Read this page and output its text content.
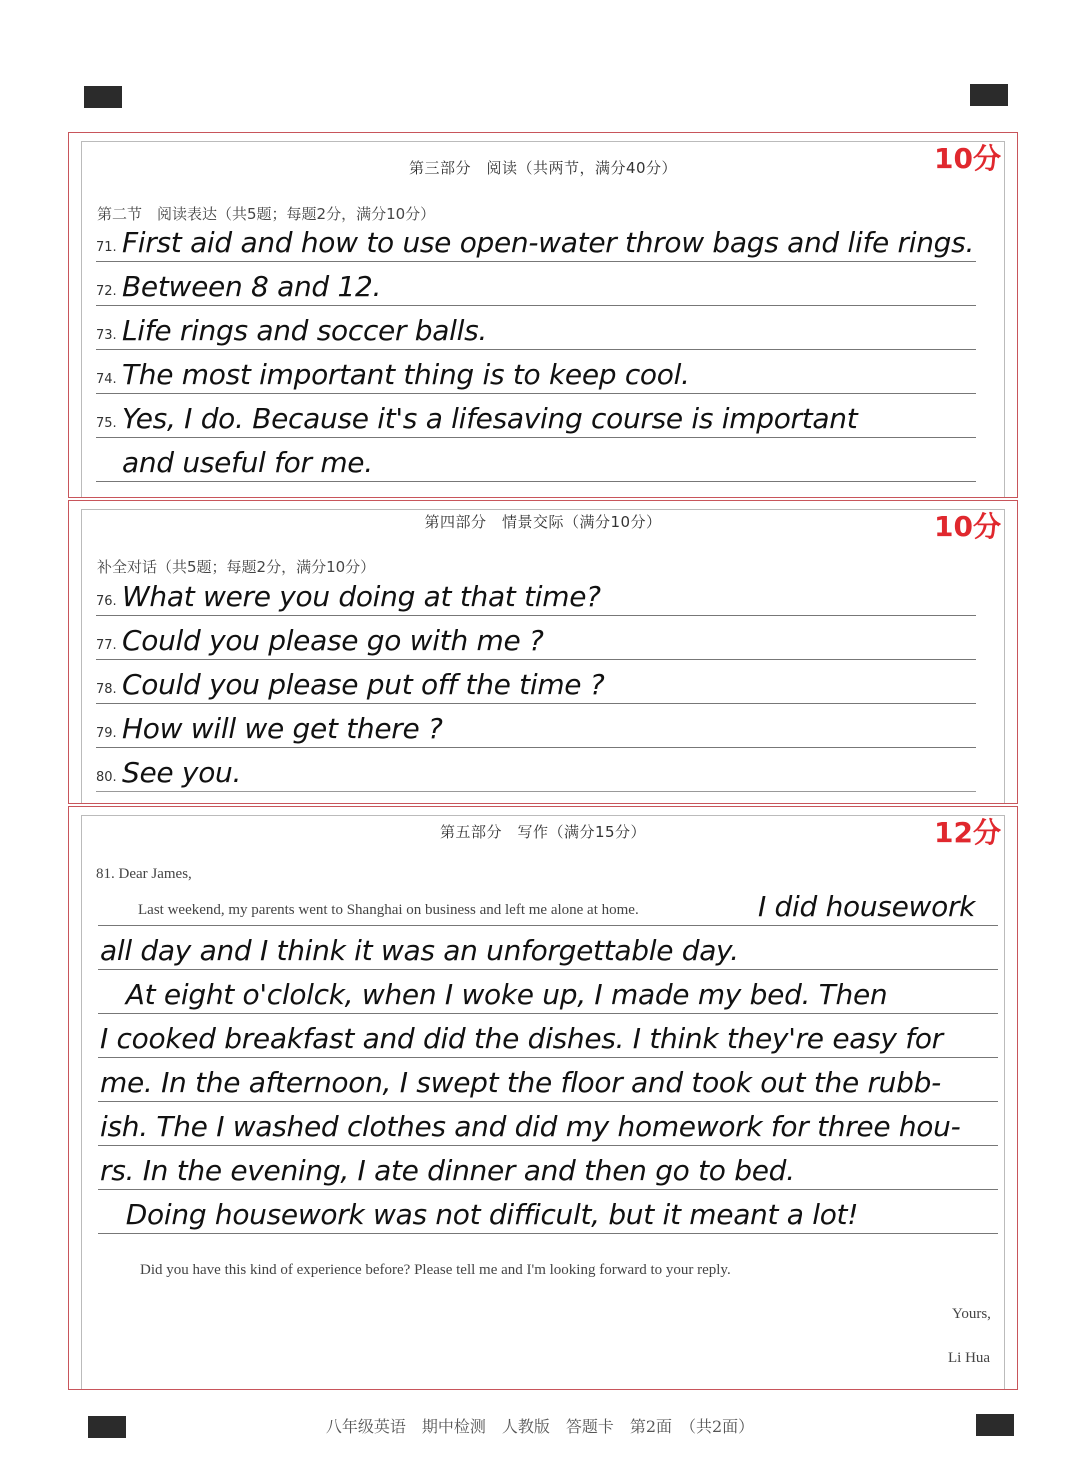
第三部分　阅读（共两节，满分40分）	10分
第二节　阅读表达（共5题；每题2分，满分10分）
71. First aid and how to use open-water throw bags and life rings.
72. Between 8 and 12.
73. Life rings and soccer balls.
74. The most important thing is to keep cool.
75. Yes, I do. Because it's a lifesaving course is important
and useful for me.
第四部分　情景交际（满分10分）	10分
补全对话（共5题；每题2分，满分10分）
76. What were you doing at that time?
77. Could you please go with me ?
78. Could you please put off the time ?
79. How will we get there ?
80. See you.
第五部分　写作（满分15分）	12分
81. Dear James,
Last weekend, my parents went to Shanghai on business and left me alone at home.	I did housework
all day and I think it was an unforgettable day.
At eight o'clolck, when I woke up, I made my bed. Then
I cooked breakfast and did the dishes. I think they're easy for
me. In the afternoon, I swept the floor and took out the rubb-
ish. The I washed clothes and did my homework for three hou-
rs. In the evening, I ate dinner and then go to bed.
Doing housework was not difficult, but it meant a lot!
Did you have this kind of experience before? Please tell me and I'm looking forward to your reply.
Yours,
Li Hua
八年级英语　期中检测　人教版　答题卡　第2面　（共2面）
